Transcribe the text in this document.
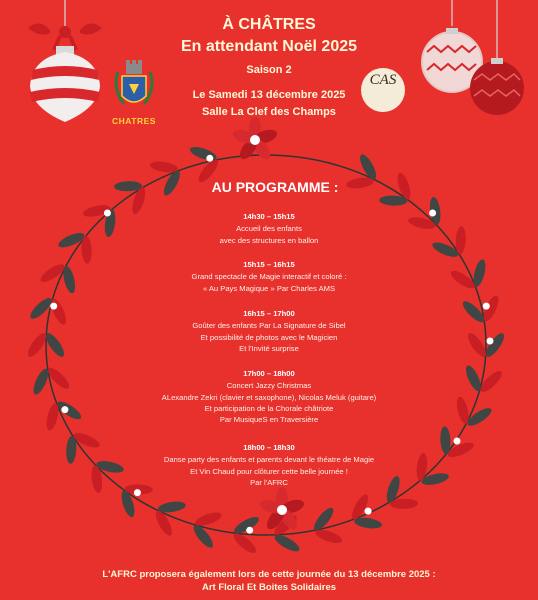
À CHÂTRES
En attendant Noël 2025
Saison 2
Le Samedi 13 décembre 2025
Salle La Clef des Champs
CHATRES
CAS
AU PROGRAMME :
14h30 – 15h15
Accueil des enfants
avec des structures en ballon
15h15 – 16h15
Grand spectacle de Magie interactif et coloré :
« Au Pays Magique » Par Charles AMS
16h15 – 17h00
Goûter des enfants Par La Signature de Sibel
Et possibilité de photos avec le Magicien
Et l'Invité surprise
17h00 – 18h00
Concert Jazzy Christmas
ALexandre Zekri (clavier et saxophone), Nicolas Meluk (guitare)
Et participation de la Chorale châtriote
Par MusiqueS en Traversière
18h00 – 18h30
Danse party des enfants et parents devant le théatre de Magie
Et Vin Chaud pour clôturer cette belle journée !
Par l'AFRC
L'AFRC proposera également lors de cette journée du 13 décembre 2025 :
Art Floral Et Boites Solidaires
